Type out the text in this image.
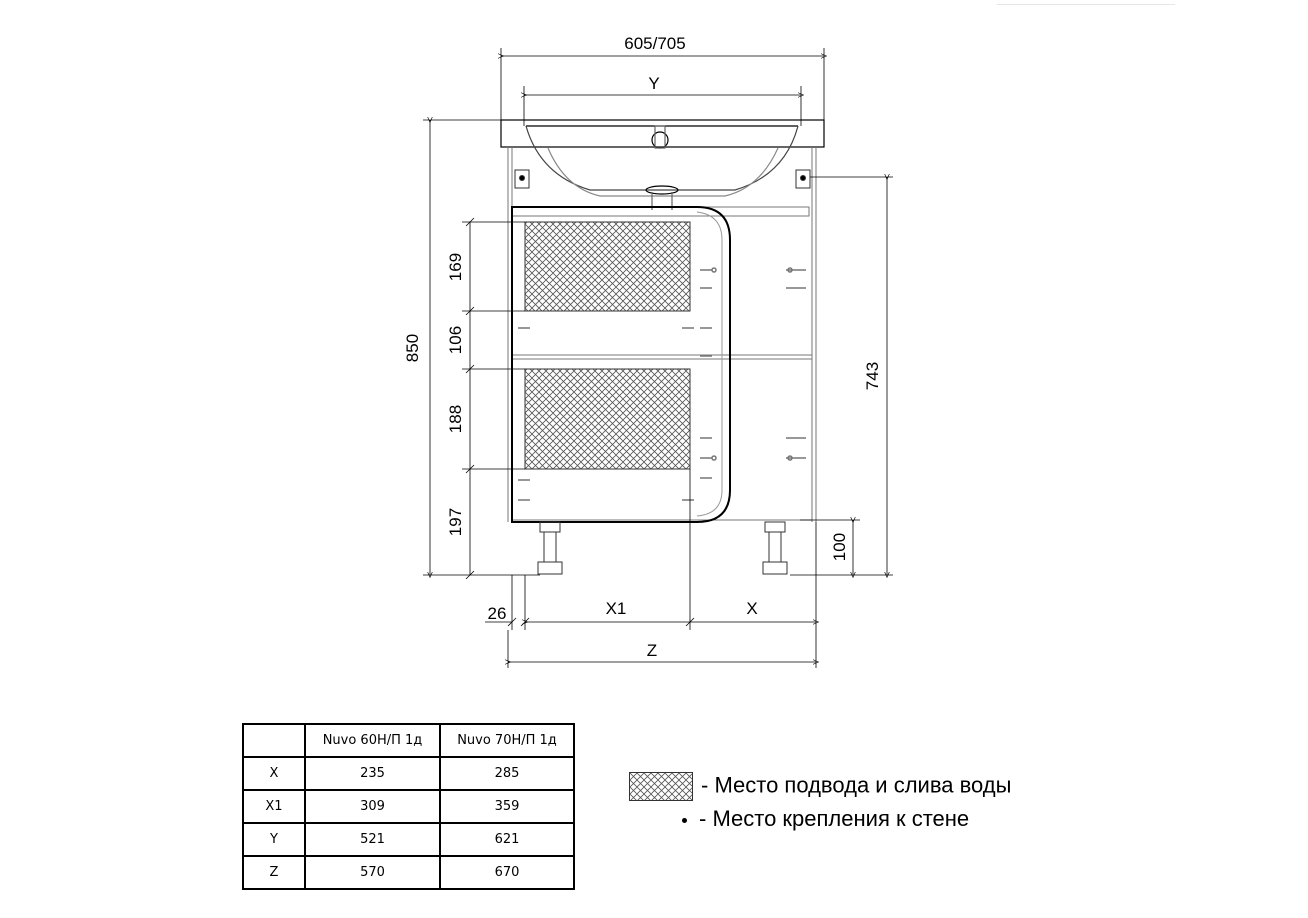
605/705
Y
850
169
106
188
197
743
100
26	X1	X
Z
	Nuvo 60Н/П 1д	Nuvo 70Н/П 1д
X	235	285
X1	309	359
Y	521	621
Z	570	670
- Место подвода и слива воды
- Место крепления к стене
